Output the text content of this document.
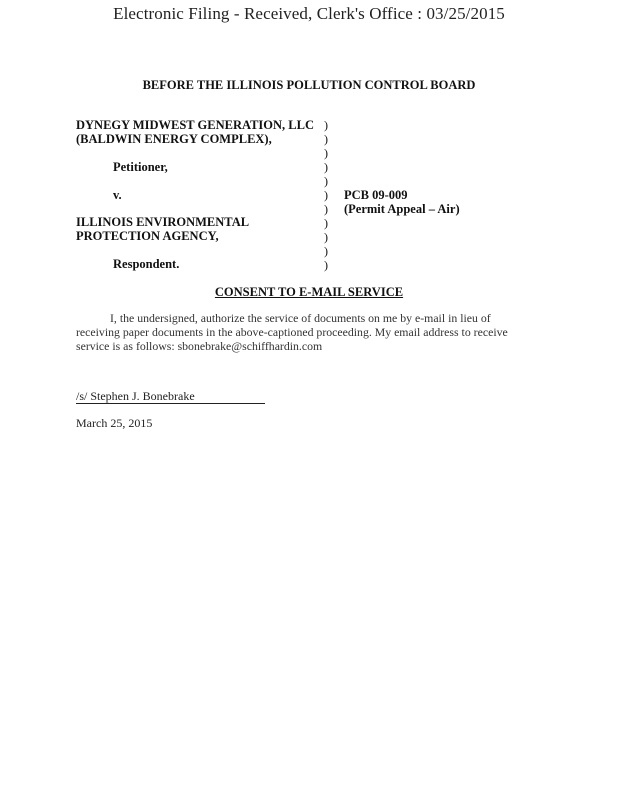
Electronic Filing - Received, Clerk's Office : 03/25/2015
BEFORE THE ILLINOIS POLLUTION CONTROL BOARD
DYNEGY MIDWEST GENERATION, LLC
(BALDWIN ENERGY COMPLEX),
Petitioner,
v.
ILLINOIS ENVIRONMENTAL
PROTECTION AGENCY,
Respondent.
)
)
)
)
)
)
)
)
)
)
)
PCB 09-009
(Permit Appeal – Air)
CONSENT TO E-MAIL SERVICE
I, the undersigned, authorize the service of documents on me by e-mail in lieu of receiving paper documents in the above-captioned proceeding. My email address to receive service is as follows: sbonebrake@schiffhardin.com
/s/ Stephen J. Bonebrake
March 25, 2015
